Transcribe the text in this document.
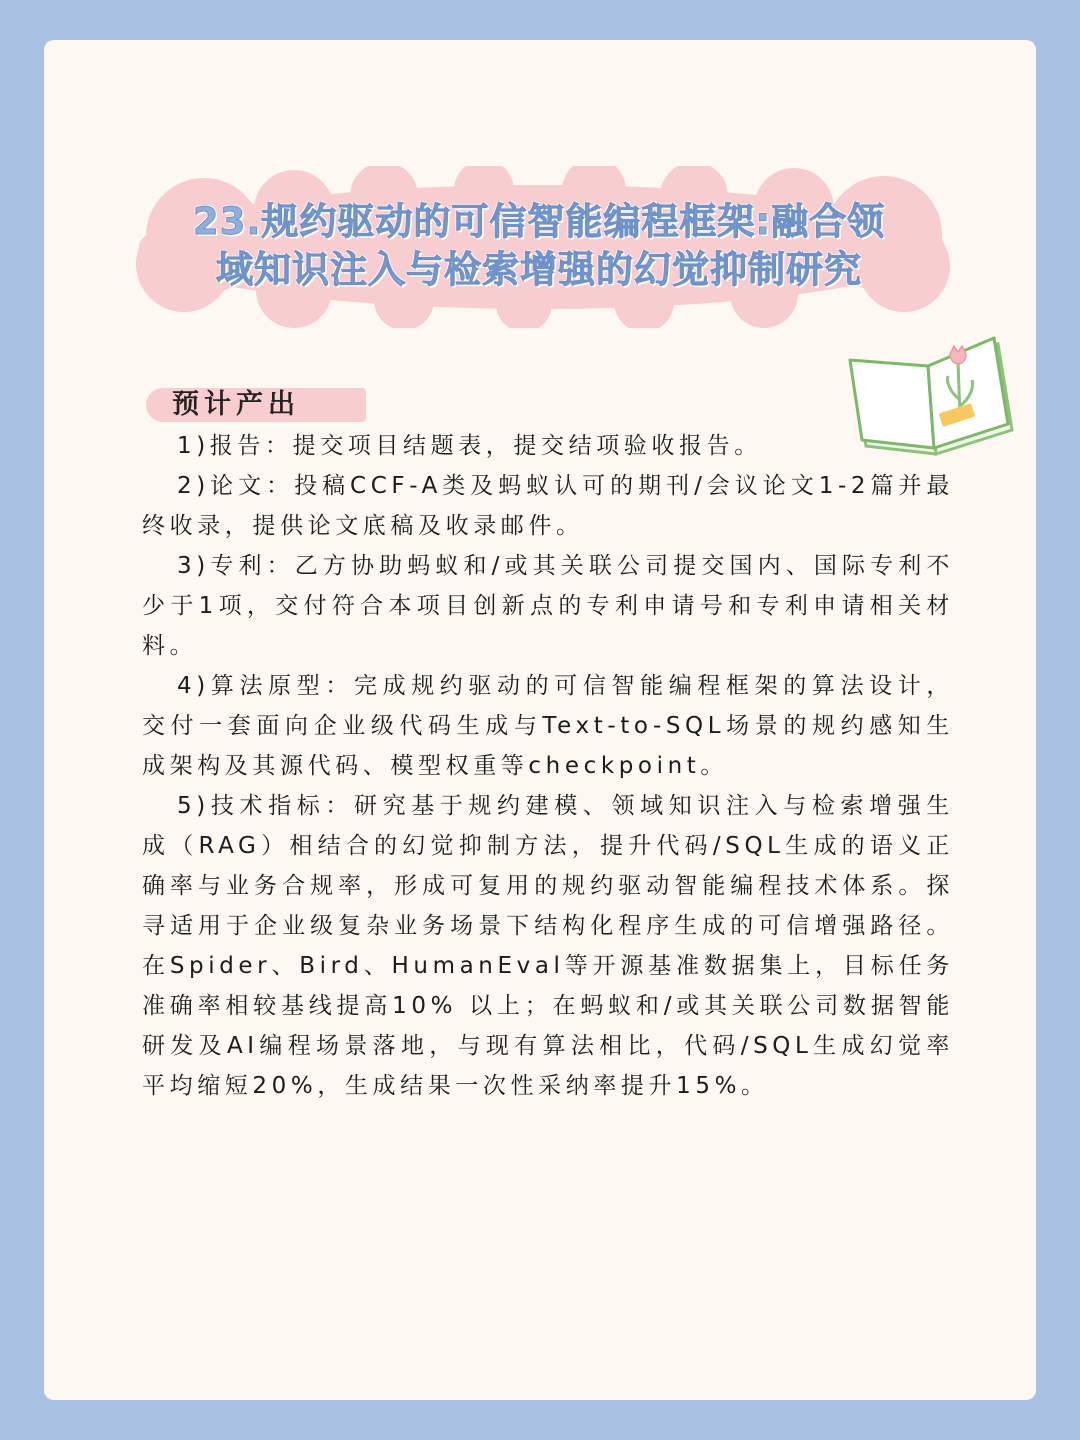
23.规约驱动的可信智能编程框架:融合领
域知识注入与检索增强的幻觉抑制研究
预计产出

1)报告：提交项目结题表，提交结项验收报告。

2)论文：投稿CCF-A类及蚂蚁认可的期刊/会议论文1-2篇并最终收录，提供论文底稿及收录邮件。

3)专利：乙方协助蚂蚁和/或其关联公司提交国内、国际专利不少于1项，交付符合本项目创新点的专利申请号和专利申请相关材料。

4)算法原型：完成规约驱动的可信智能编程框架的算法设计，交付一套面向企业级代码生成与Text-to-SQL场景的规约感知生成架构及其源代码、模型权重等checkpoint。

5)技术指标：研究基于规约建模、领域知识注入与检索增强生成（RAG）相结合的幻觉抑制方法，提升代码/SQL生成的语义正确率与业务合规率，形成可复用的规约驱动智能编程技术体系。探寻适用于企业级复杂业务场景下结构化程序生成的可信增强路径。在Spider、Bird、HumanEval等开源基准数据集上，目标任务准确率相较基线提高10% 以上；在蚂蚁和/或其关联公司数据智能研发及AI编程场景落地，与现有算法相比，代码/SQL生成幻觉率平均缩短20%，生成结果一次性采纳率提升15%。
